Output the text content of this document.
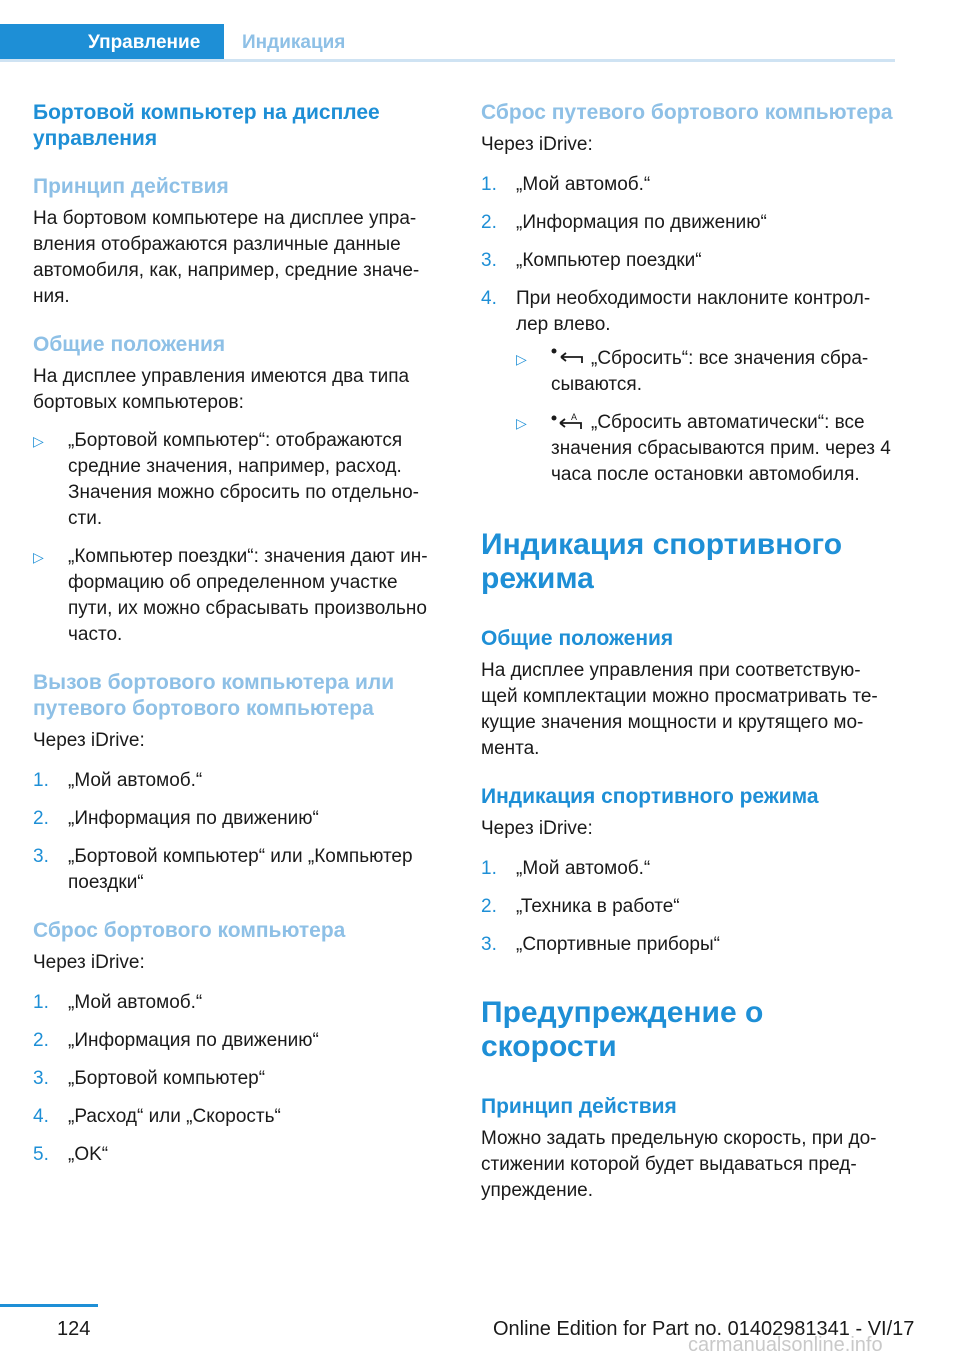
Управление	Индикация
Бортовой компьютер на дисплее управления
Принцип действия

На бортовом компьютере на дисплее упра-вления отображаются различные данные автомобиля, как, например, средние значе-ния.

Общие положения

На дисплее управления имеются два типа бортовых компьютеров:

▷ „Бортовой компьютер“: отображаются средние значения, например, расход. Значения можно сбросить по отдельно-сти.
▷ „Компьютер поездки“: значения дают ин-формацию об определенном участке пути, их можно сбрасывать произвольно часто.
Вызов бортового компьютера или путевого бортового компьютера

Через iDrive:

1. „Мой автомоб.“
2. „Информация по движению“
3. „Бортовой компьютер“ или „Компьютер поездки“
Сброс бортового компьютера

Через iDrive:

1. „Мой автомоб.“
2. „Информация по движению“
3. „Бортовой компьютер“
4. „Расход“ или „Скорость“
5. „OK“
Сброс путевого бортового компьютера

Через iDrive:

1. „Мой автомоб.“
2. „Информация по движению“
3. „Компьютер поездки“
4. При необходимости наклоните контрол-лер влево.
▷	„Сбросить“: все значения сбра-сываются.
▷	A „Сбросить автоматически“: все значения сбрасываются прим. через 4 часа после остановки автомобиля.
Индикация спортивного режима
Общие положения

На дисплее управления при соответствую-щей комплектации можно просматривать те-кущие значения мощности и крутящего мо-мента.

Индикация спортивного режима

Через iDrive:

1. „Мой автомоб.“
2. „Техника в работе“
3. „Спортивные приборы“
Предупреждение о скорости
Принцип действия

Можно задать предельную скорость, при до-стижении которой будет выдаваться пред-упреждение.

124	Online Edition for Part no. 01402981341 - VI/17
carmanualsonline.info
